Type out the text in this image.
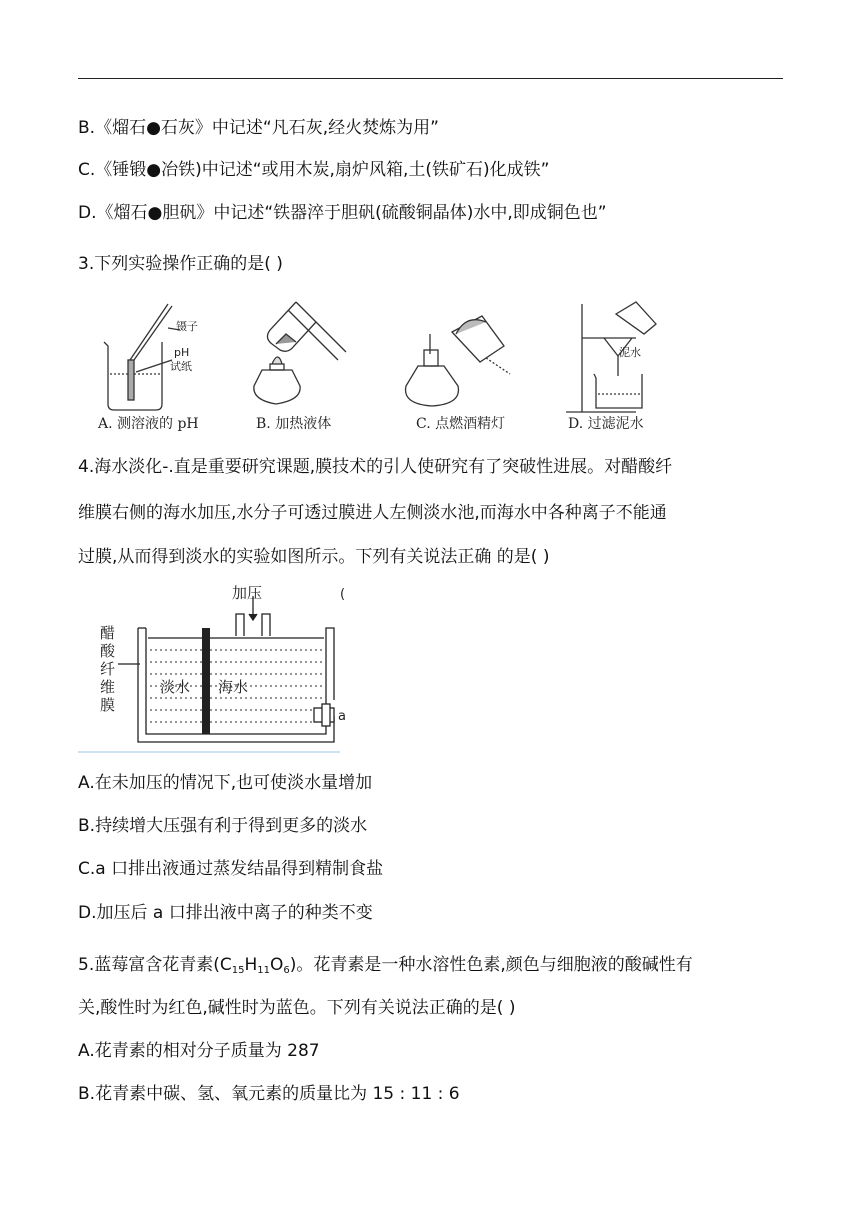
B.《熘石●石灰》中记述“凡石灰,经火焚炼为用”
C.《锤锻●冶铁)中记述“或用木炭,扇炉风箱,土(铁矿石)化成铁”
D.《熘石●胆矾》中记述“铁器淬于胆矾(硫酸铜晶体)水中,即成铜色也”
3.下列实验操作正确的是( )
镊子
pH
试纸
泥水
A. 测溶液的 pH	B. 加热液体	C. 点燃酒精灯	D. 过滤泥水
4.海水淡化-.直是重要研究课题,膜技术的引人使研究有了突破性进展。对醋酸纤
维膜右侧的海水加压,水分子可透过膜进人左侧淡水池,而海水中各种离子不能通
过膜,从而得到淡水的实验如图所示。下列有关说法正确 的是( )
醋
酸
纤
维
膜
加压
淡水 海水
a
(
A.在未加压的情况下,也可使淡水量增加
B.持续增大压强有利于得到更多的淡水
C.a 口排出液通过蒸发结晶得到精制食盐
D.加压后 a 口排出液中离子的种类不变
5.蓝莓富含花青素$(C_{15}H_{11}O_6)$。花青素是一种水溶性色素,颜色与细胞液的酸碱性有
关,酸性时为红色,碱性时为蓝色。下列有关说法正确的是( )
A.花青素的相对分子质量为 287
B.花青素中碳、氢、氧元素的质量比为 15 : 11 : 6
